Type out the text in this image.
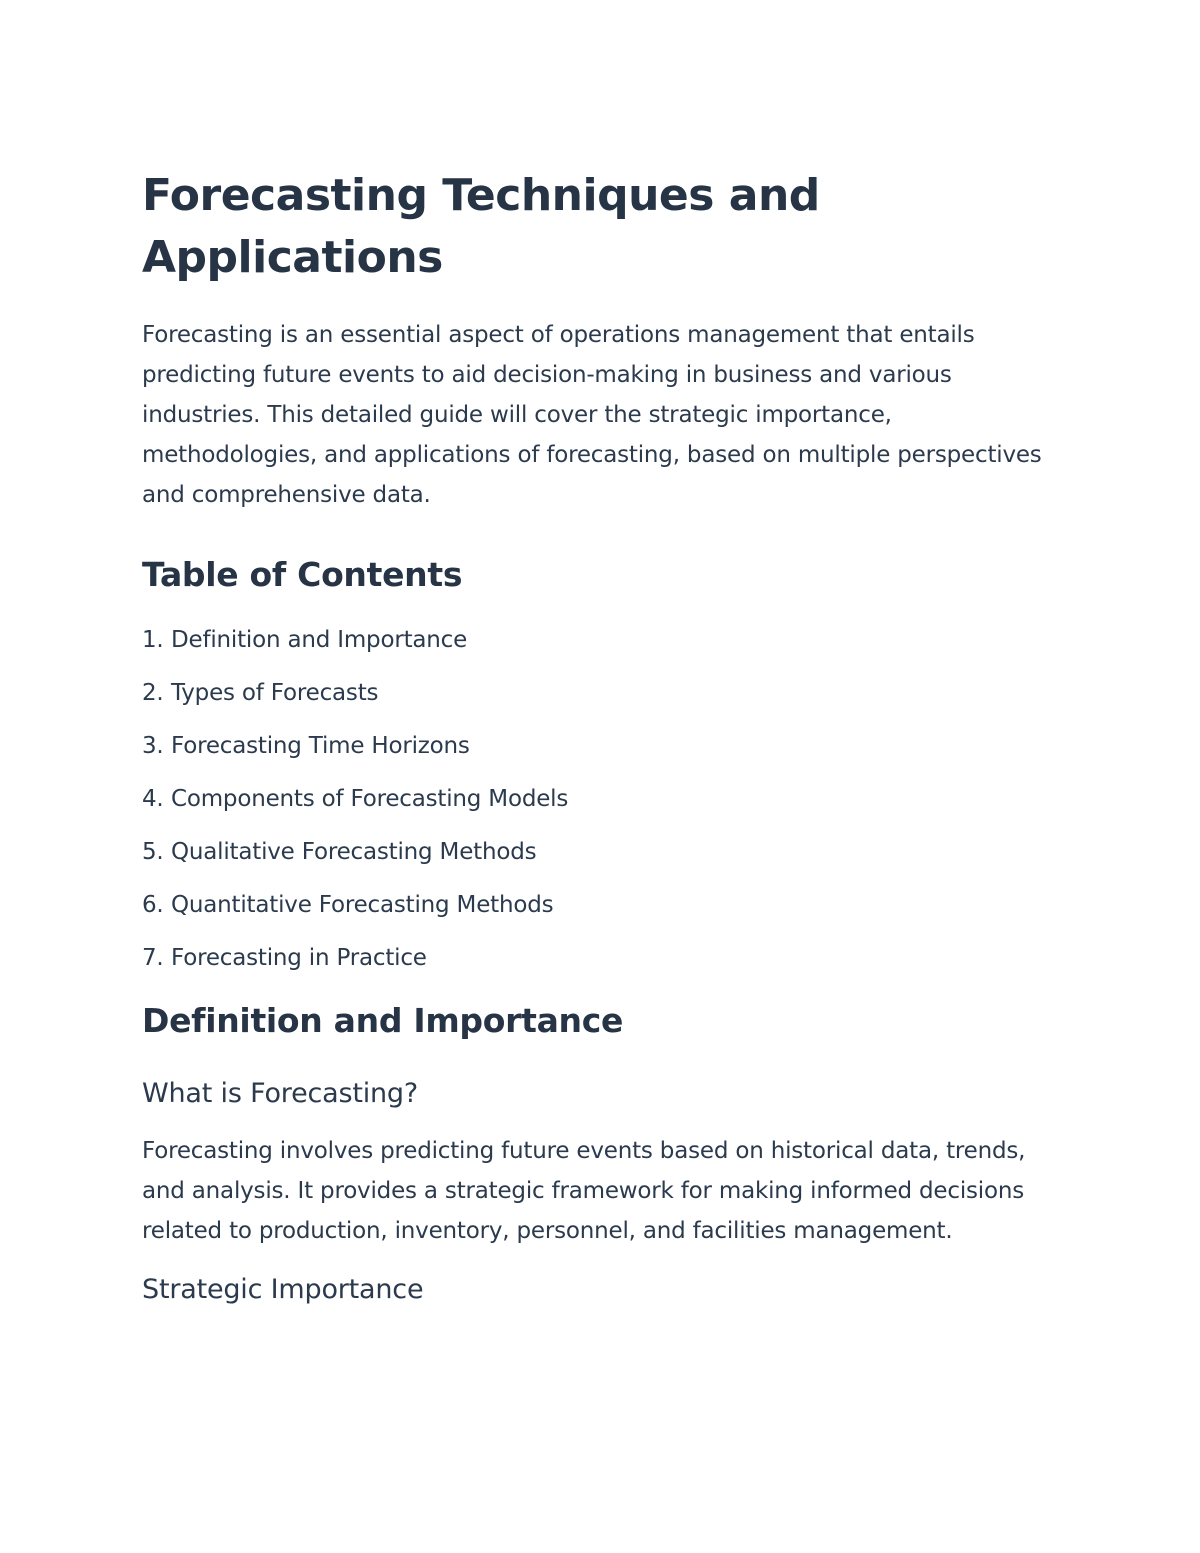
Forecasting Techniques and Applications

Forecasting is an essential aspect of operations management that entails predicting future events to aid decision-making in business and various industries. This detailed guide will cover the strategic importance, methodologies, and applications of forecasting, based on multiple perspectives and comprehensive data.

Table of Contents
1. Definition and Importance
2. Types of Forecasts
3. Forecasting Time Horizons
4. Components of Forecasting Models
5. Qualitative Forecasting Methods
6. Quantitative Forecasting Methods
7. Forecasting in Practice
Definition and Importance
What is Forecasting?

Forecasting involves predicting future events based on historical data, trends, and analysis. It provides a strategic framework for making informed decisions related to production, inventory, personnel, and facilities management.

Strategic Importance
